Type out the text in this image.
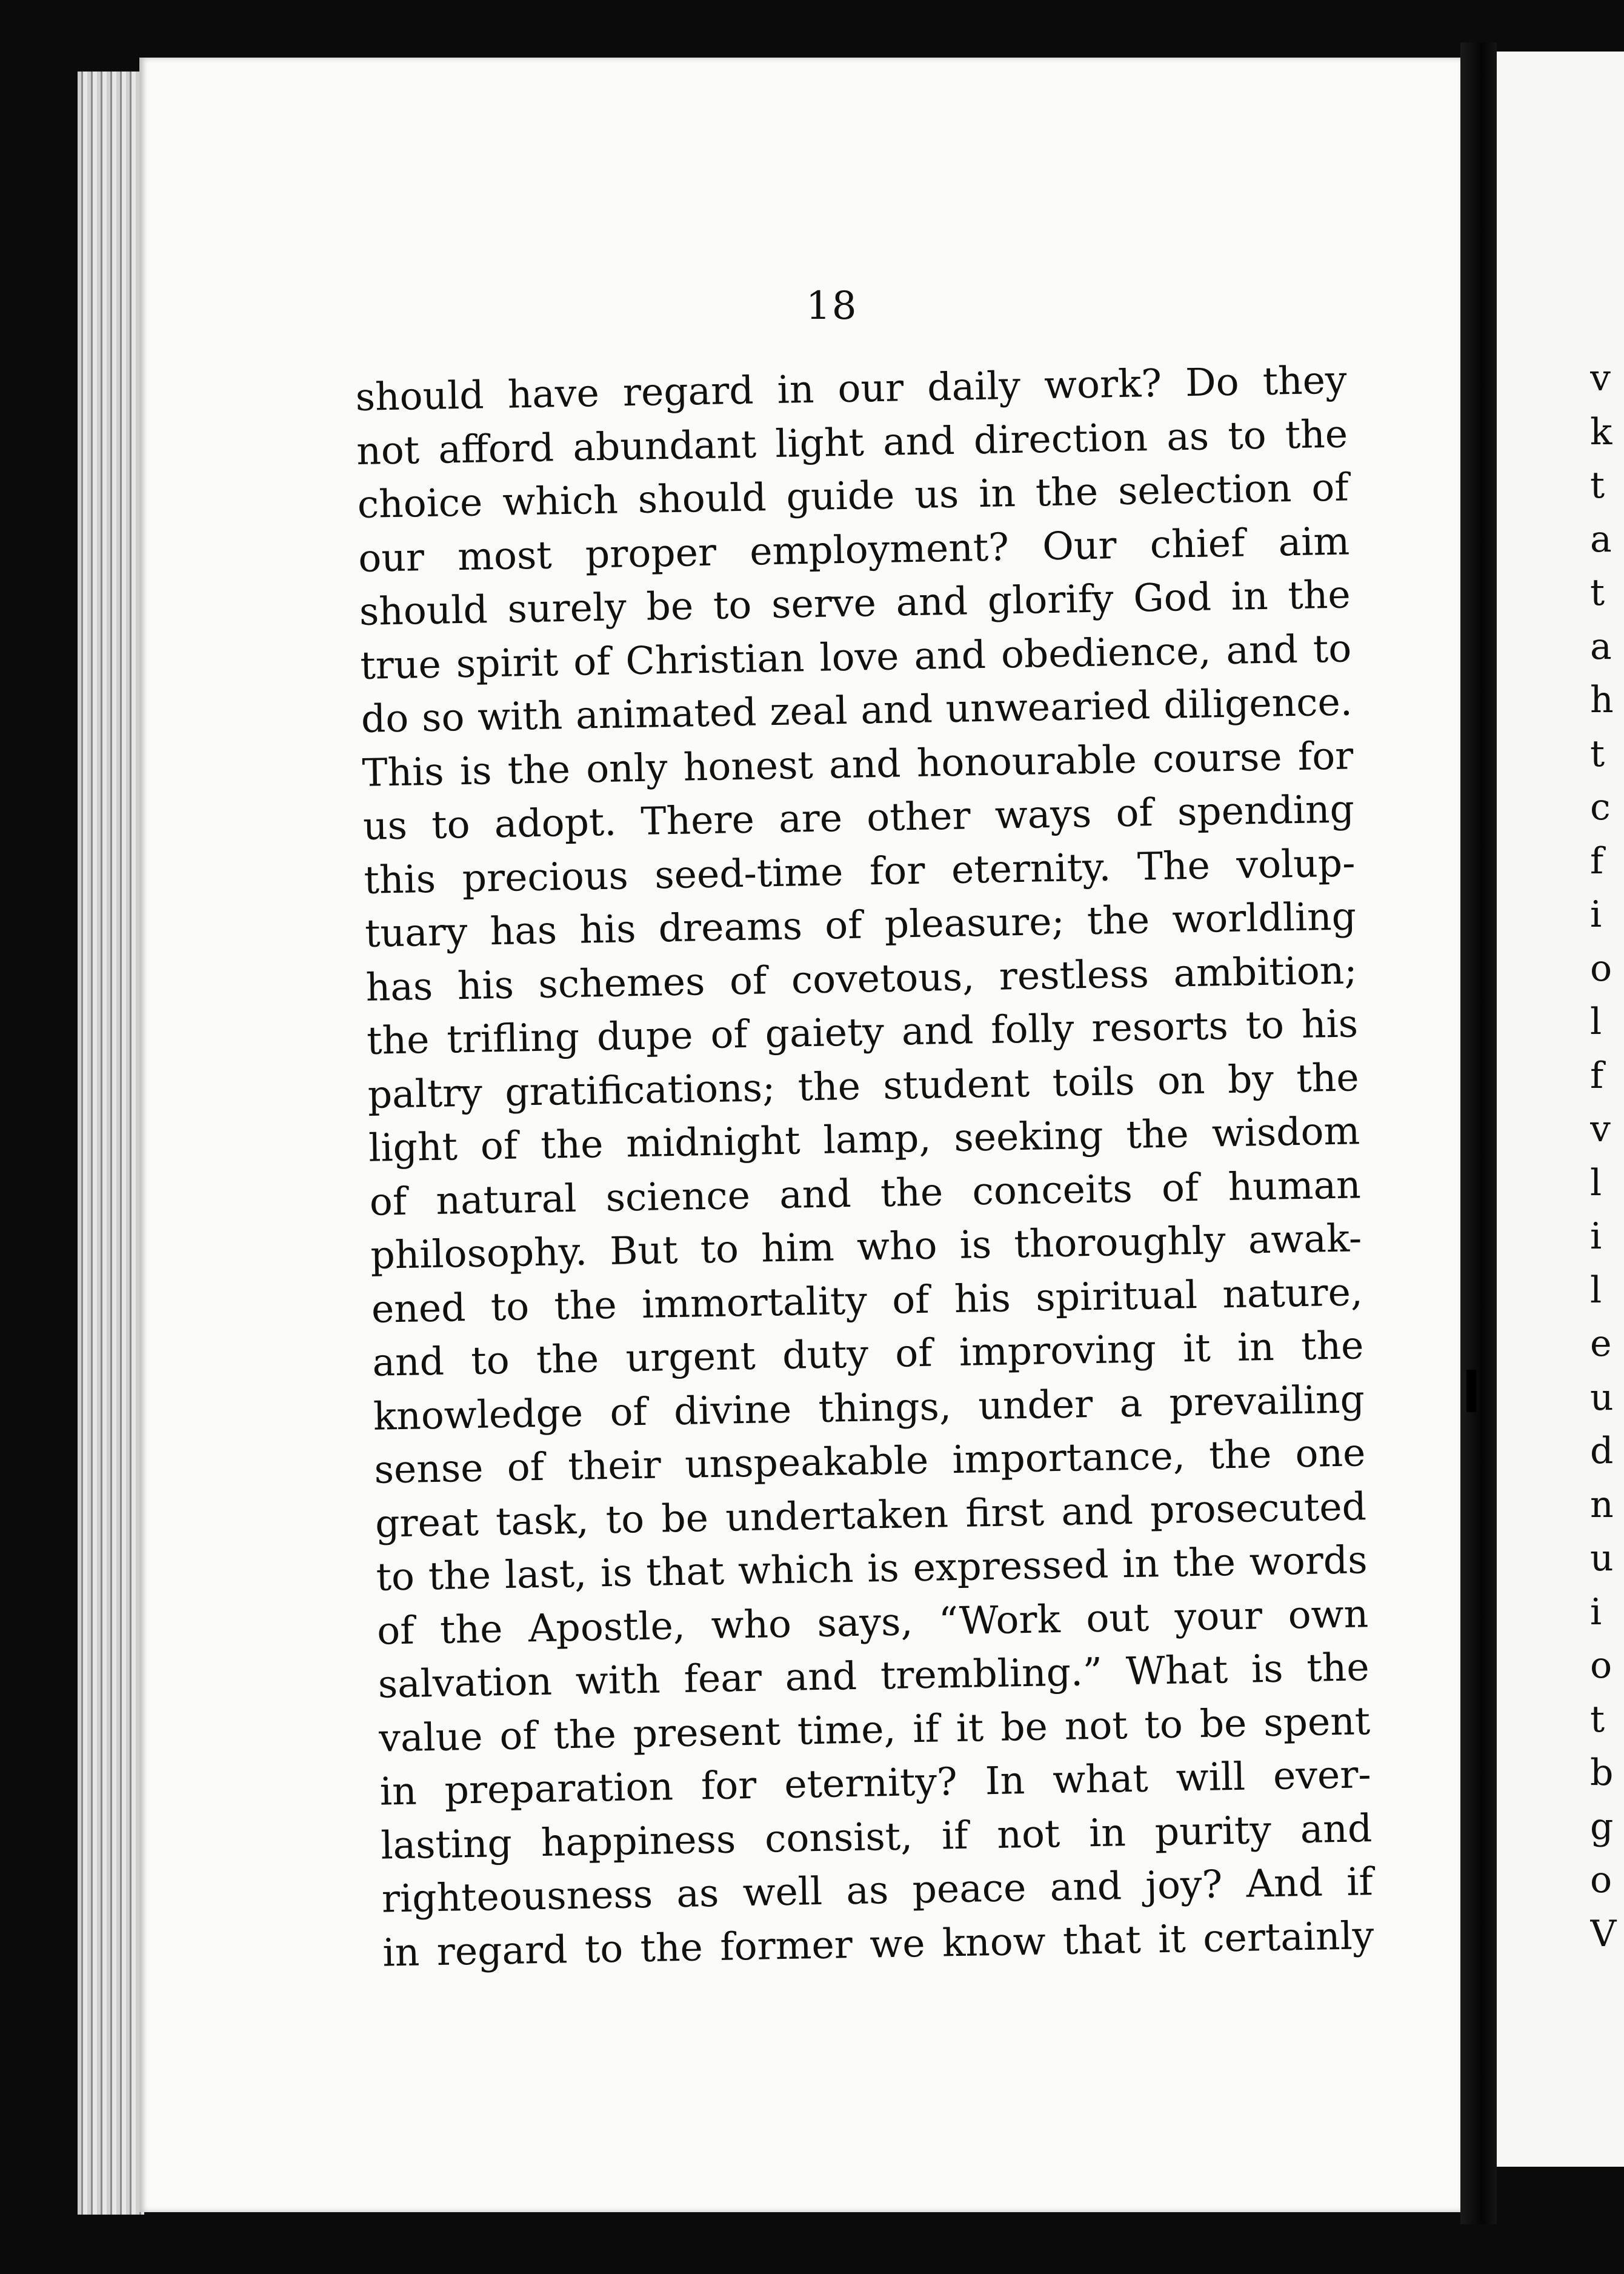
18
should have regard in our daily work? Do they
not afford abundant light and direction as to the
choice which should guide us in the selection of
our most proper employment? Our chief aim
should surely be to serve and glorify God in the
true spirit of Christian love and obedience, and to
do so with animated zeal and unwearied diligence.
This is the only honest and honourable course for
us to adopt. There are other ways of spending
this precious seed-time for eternity. The volup-
tuary has his dreams of pleasure; the worldling
has his schemes of covetous, restless ambition;
the trifling dupe of gaiety and folly resorts to his
paltry gratifications; the student toils on by the
light of the midnight lamp, seeking the wisdom
of natural science and the conceits of human
philosophy. But to him who is thoroughly awak-
ened to the immortality of his spiritual nature,
and to the urgent duty of improving it in the
knowledge of divine things, under a prevailing
sense of their unspeakable importance, the one
great task, to be undertaken first and prosecuted
to the last, is that which is expressed in the words
of the Apostle, who says, “Work out your own
salvation with fear and trembling.” What is the
value of the present time, if it be not to be spent
in preparation for eternity? In what will ever-
lasting happiness consist, if not in purity and
righteousness as well as peace and joy? And if
in regard to the former we know that it certainly
v
k
t
a
t
a
h
t
c
f
i
o
l
f
v
l
i
l
e
u
d
n
u
i
o
t
b
g
o
V
